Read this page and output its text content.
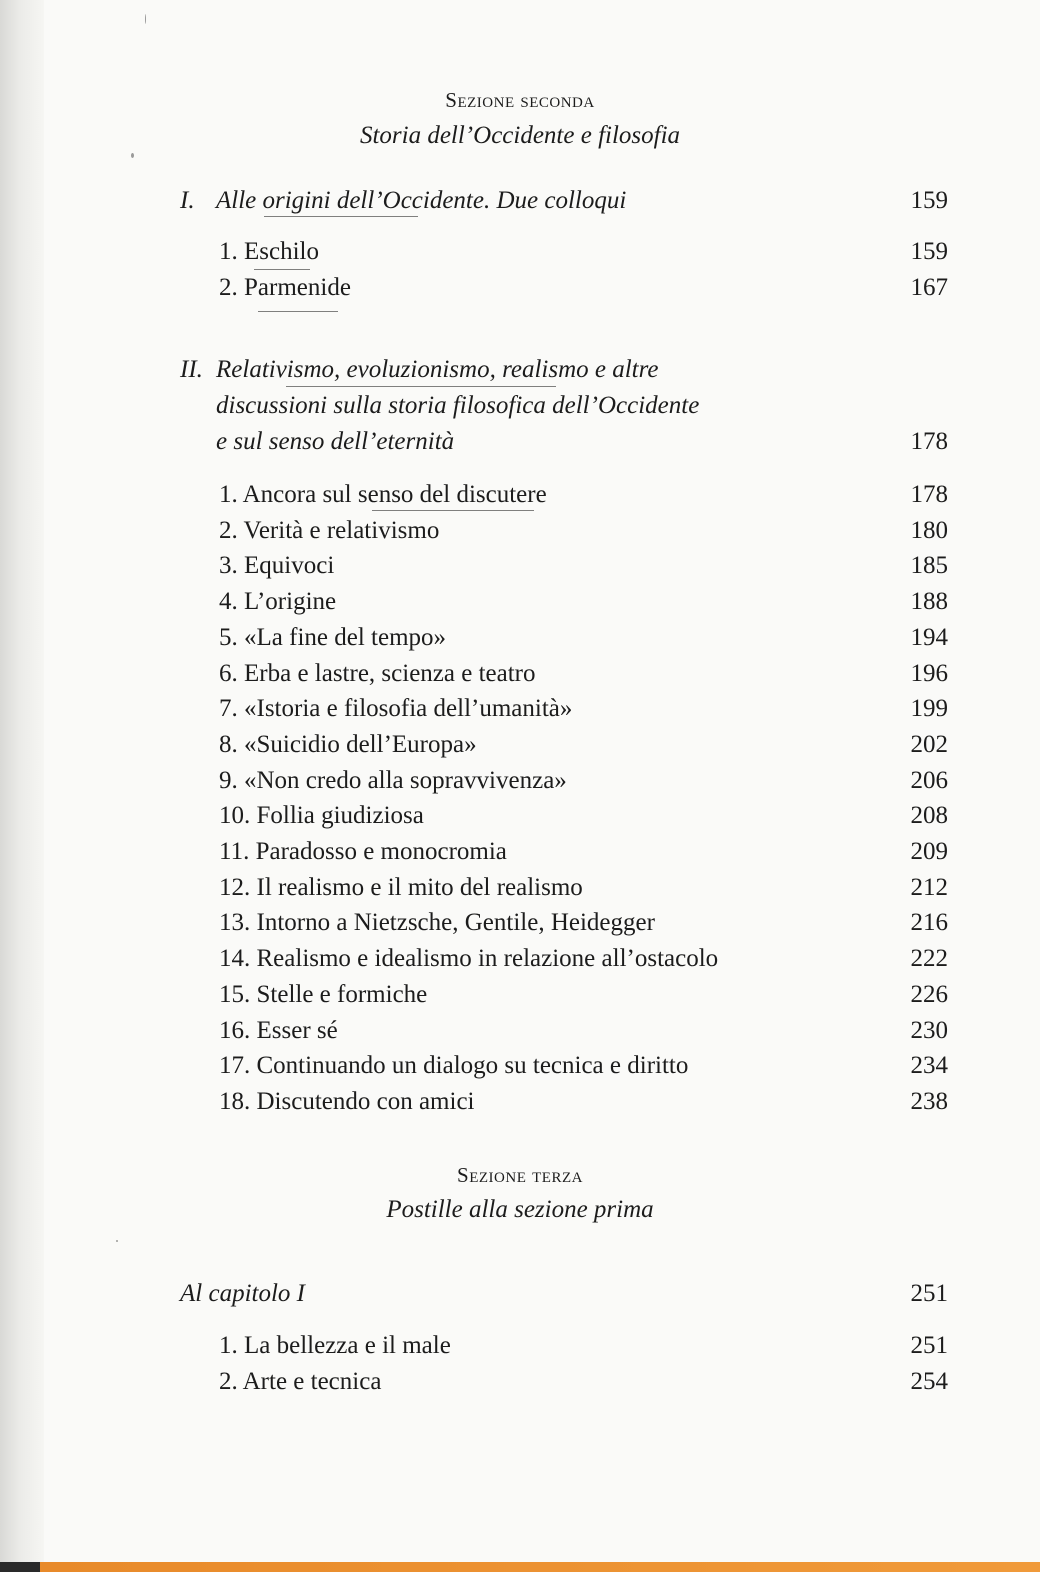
Sezione seconda
Storia dell’Occidente e filosofia
I. Alle origini dell’Occidente. Due colloqui	159
1. Eschilo	159
2. Parmenide	167
II. Relativismo, evoluzionismo, realismo e altre
discussioni sulla storia filosofica dell’Occidente
e sul senso dell’eternità	178
1. Ancora sul senso del discutere	178
2. Verità e relativismo	180
3. Equivoci	185
4. L’origine	188
5. «La fine del tempo»	194
6. Erba e lastre, scienza e teatro	196
7. «Istoria e filosofia dell’umanità»	199
8. «Suicidio dell’Europa»	202
9. «Non credo alla sopravvivenza»	206
10. Follia giudiziosa	208
11. Paradosso e monocromia	209
12. Il realismo e il mito del realismo	212
13. Intorno a Nietzsche, Gentile, Heidegger	216
14. Realismo e idealismo in relazione all’ostacolo	222
15. Stelle e formiche	226
16. Esser sé	230
17. Continuando un dialogo su tecnica e diritto	234
18. Discutendo con amici	238
Sezione terza
Postille alla sezione prima
Al capitolo I	251
1. La bellezza e il male	251
2. Arte e tecnica	254
